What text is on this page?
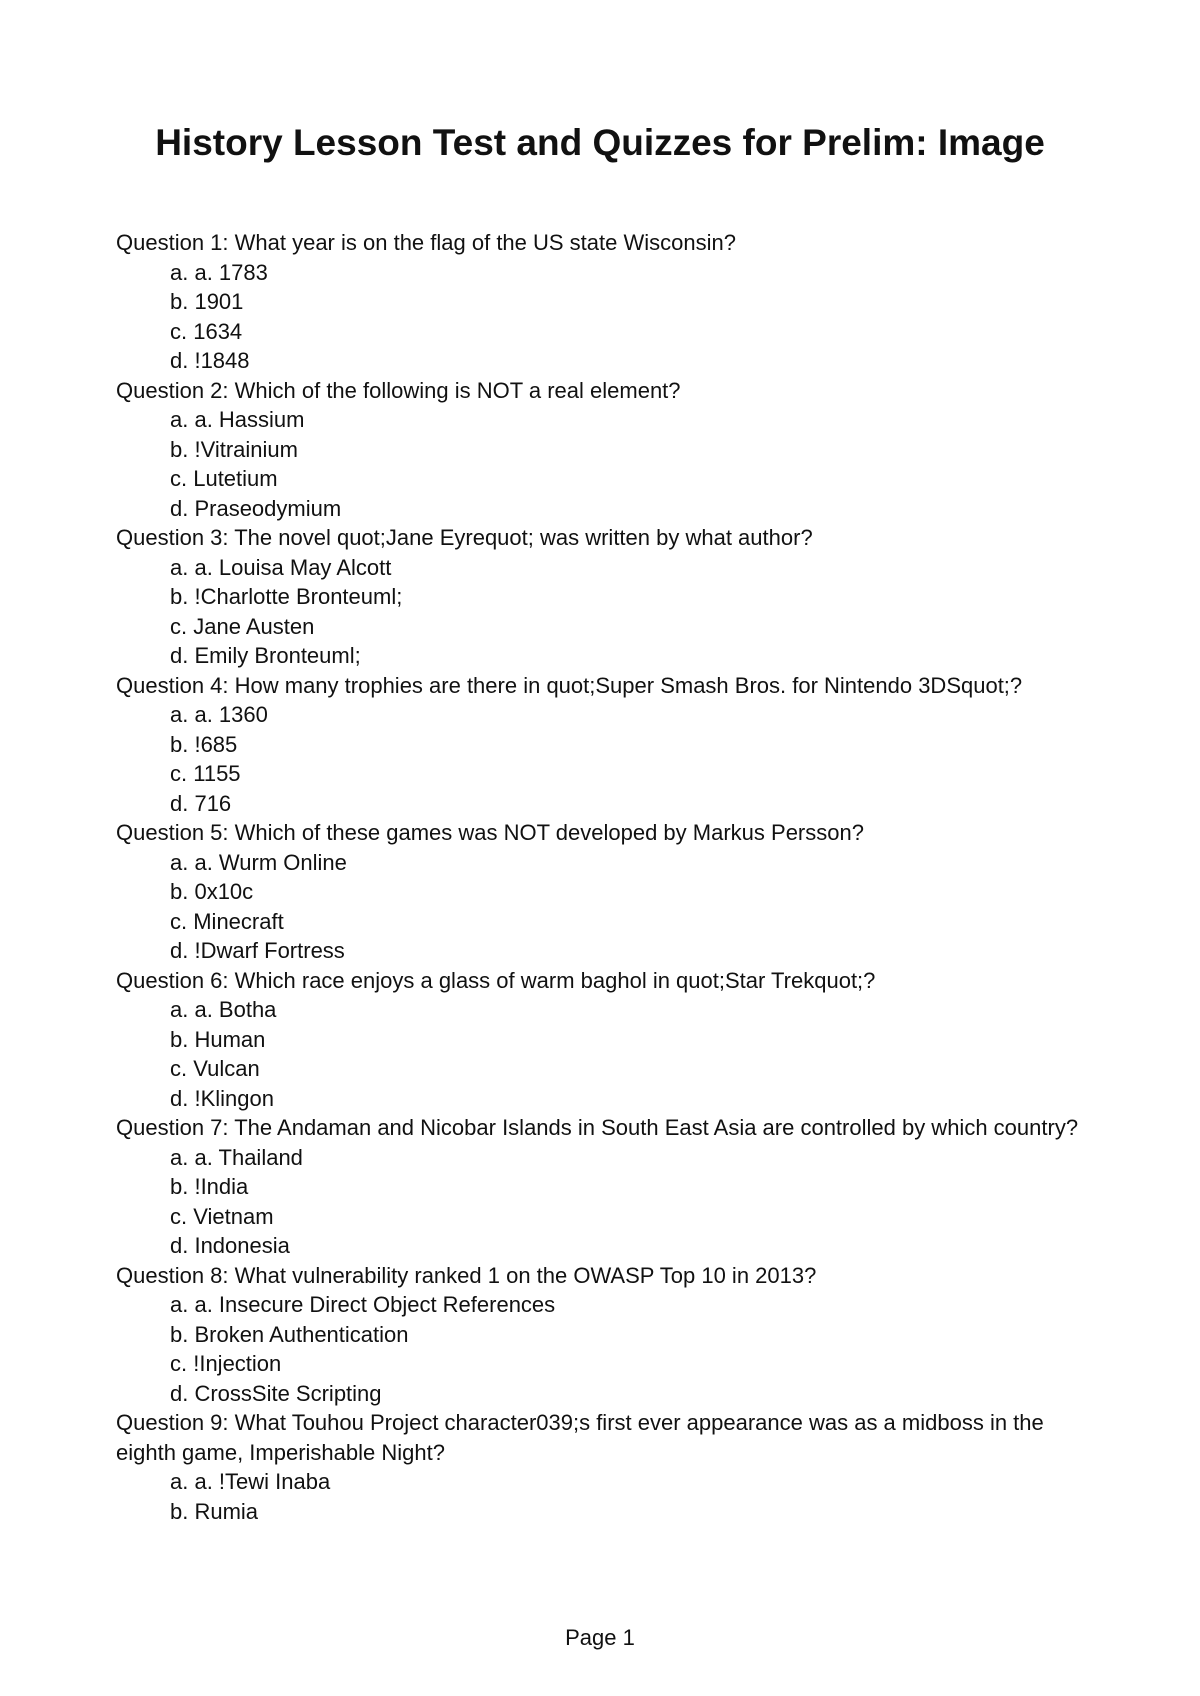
History Lesson Test and Quizzes for Prelim: Image

Question 1: What year is on the flag of the US state Wisconsin?

a. a. 1783
b. 1901
c. 1634
d. !1848

Question 2: Which of the following is NOT a real element?

a. a. Hassium
b. !Vitrainium
c. Lutetium
d. Praseodymium

Question 3: The novel quot;Jane Eyrequot; was written by what author?

a. a. Louisa May Alcott
b. !Charlotte Bronteuml;
c. Jane Austen
d. Emily Bronteuml;

Question 4: How many trophies are there in quot;Super Smash Bros. for Nintendo 3DSquot;?

a. a. 1360
b. !685
c. 1155
d. 716

Question 5: Which of these games was NOT developed by Markus Persson?

a. a. Wurm Online
b. 0x10c
c. Minecraft
d. !Dwarf Fortress

Question 6: Which race enjoys a glass of warm baghol in quot;Star Trekquot;?

a. a. Botha
b. Human
c. Vulcan
d. !Klingon

Question 7: The Andaman and Nicobar Islands in South East Asia are controlled by which country?

a. a. Thailand
b. !India
c. Vietnam
d. Indonesia

Question 8: What vulnerability ranked 1 on the OWASP Top 10 in 2013?

a. a. Insecure Direct Object References
b. Broken Authentication
c. !Injection
d. CrossSite Scripting

Question 9: What Touhou Project character039;s first ever appearance was as a midboss in the eighth game, Imperishable Night?

a. a. !Tewi Inaba
b. Rumia
Page 1
